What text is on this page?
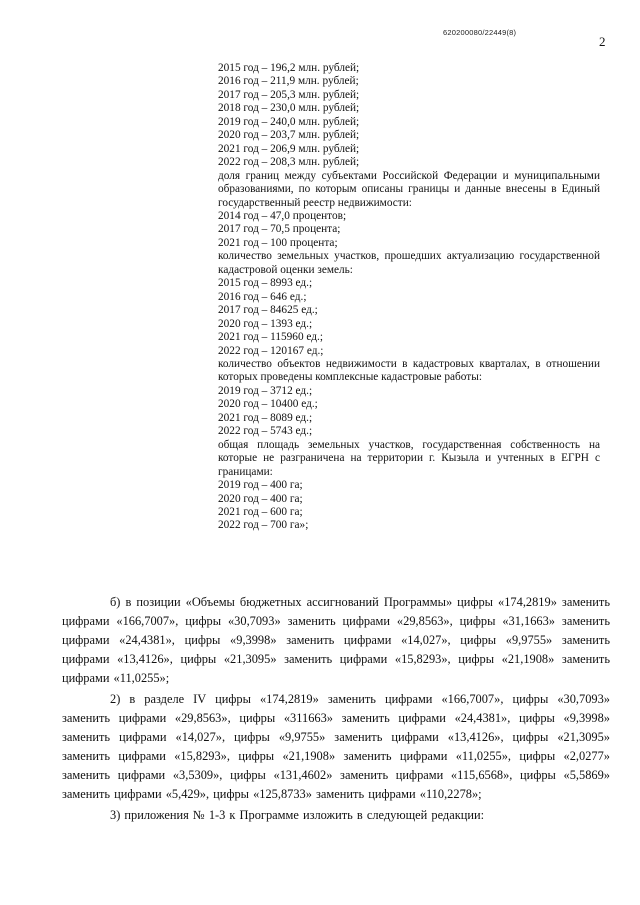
620200080/22449(8)
2
2015 год – 196,2 млн. рублей;
2016 год – 211,9 млн. рублей;
2017 год – 205,3 млн. рублей;
2018 год – 230,0 млн. рублей;
2019 год – 240,0 млн. рублей;
2020 год – 203,7 млн. рублей;
2021 год – 206,9 млн. рублей;
2022 год – 208,3 млн. рублей;
доля границ между субъектами Российской Федерации и муниципальными образованиями, по которым описаны границы и данные внесены в Единый государственный реестр недвижимости:
2014 год – 47,0 процентов;
2017 год – 70,5 процента;
2021 год – 100 процента;
количество земельных участков, прошедших актуализацию государственной кадастровой оценки земель:
2015 год – 8993 ед.;
2016 год – 646 ед.;
2017 год – 84625 ед.;
2020 год – 1393 ед.;
2021 год – 115960 ед.;
2022 год – 120167 ед.;
количество объектов недвижимости в кадастровых кварталах, в отношении которых проведены комплексные кадастровые работы:
2019 год – 3712 ед.;
2020 год – 10400 ед.;
2021 год – 8089 ед.;
2022 год – 5743 ед.;
общая площадь земельных участков, государственная собственность на которые не разграничена на территории г. Кызыла и учтенных в ЕГРН с границами:
2019 год – 400 га;
2020 год – 400 га;
2021 год – 600 га;
2022 год – 700 га»;

б) в позиции «Объемы бюджетных ассигнований Программы» цифры «174,2819» заменить цифрами «166,7007», цифры «30,7093» заменить цифрами «29,8563», цифры «31,1663» заменить цифрами «24,4381», цифры «9,3998» заменить цифрами «14,027», цифры «9,9755» заменить цифрами «13,4126», цифры «21,3095» заменить цифрами «15,8293», цифры «21,1908» заменить цифрами «11,0255»;

2) в разделе IV цифры «174,2819» заменить цифрами «166,7007», цифры «30,7093» заменить цифрами «29,8563», цифры «311663» заменить цифрами «24,4381», цифры «9,3998» заменить цифрами «14,027», цифры «9,9755» заменить цифрами «13,4126», цифры «21,3095» заменить цифрами «15,8293», цифры «21,1908» заменить цифрами «11,0255», цифры «2,0277» заменить цифрами «3,5309», цифры «131,4602» заменить цифрами «115,6568», цифры «5,5869» заменить цифрами «5,429», цифры «125,8733» заменить цифрами «110,2278»;

3) приложения № 1-3 к Программе изложить в следующей редакции:
